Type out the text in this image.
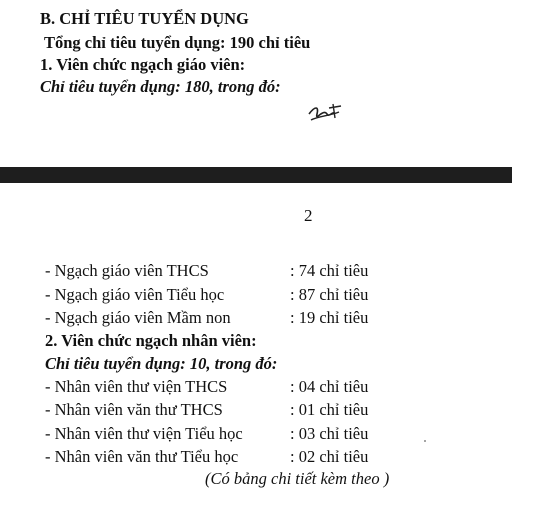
B. CHỈ TIÊU TUYỂN DỤNG
Tổng chỉ tiêu tuyển dụng: 190 chỉ tiêu
1. Viên chức ngạch giáo viên:
Chỉ tiêu tuyển dụng: 180, trong đó:
2
- Ngạch giáo viên THCS	: 74 chỉ tiêu
- Ngạch giáo viên Tiểu học	: 87 chỉ tiêu
- Ngạch giáo viên Mầm non	: 19 chỉ tiêu
2. Viên chức ngạch nhân viên:
Chỉ tiêu tuyển dụng: 10, trong đó:
- Nhân viên thư viện THCS	: 04 chỉ tiêu
- Nhân viên văn thư THCS	: 01 chỉ tiêu
- Nhân viên thư viện Tiểu học	: 03 chỉ tiêu
- Nhân viên văn thư Tiểu học	: 02 chỉ tiêu
(Có bảng chi tiết kèm theo )
